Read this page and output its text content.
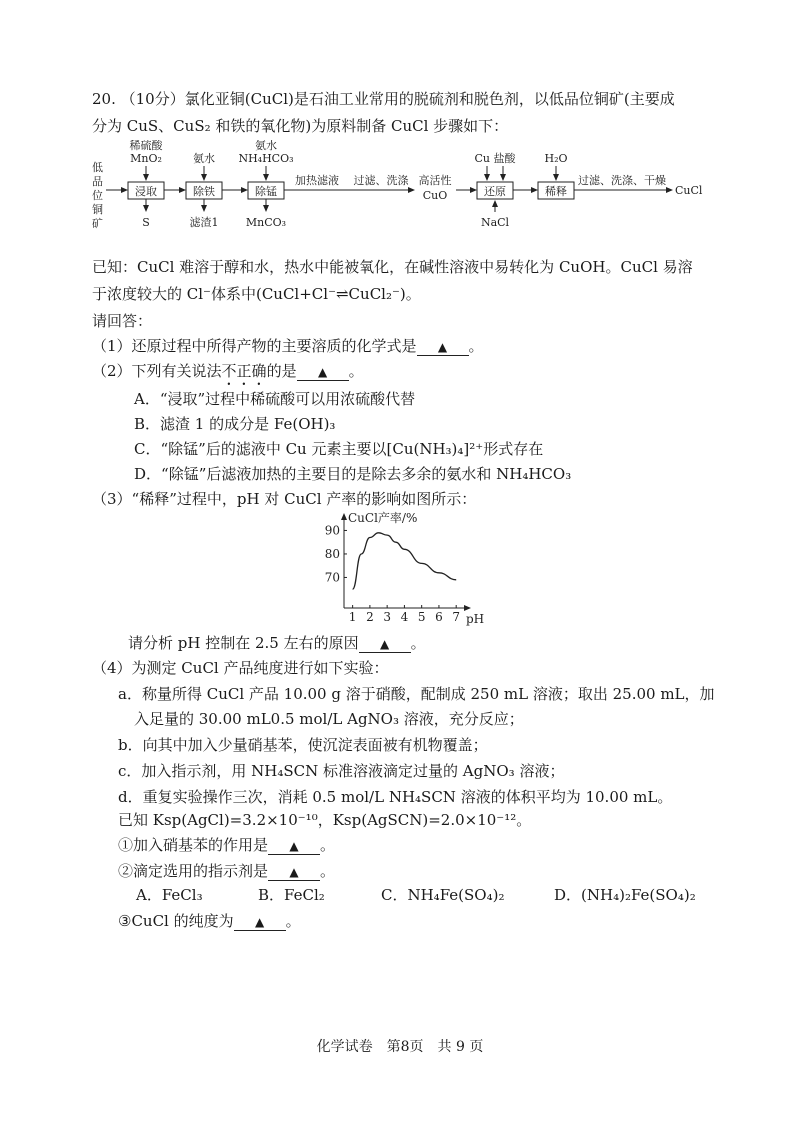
20. （10分）氯化亚铜(CuCl)是石油工业常用的脱硫剂和脱色剂，以低品位铜矿(主要成
分为 CuS、CuS₂ 和铁的氧化物)为原料制备 CuCl 步骤如下：
低
品
位
铜
矿
浸取	除铁	除锰	还原	稀释
稀硫酸
MnO₂	氨水
氨水
NH₄HCO₃	Cu 盐酸	H₂O
S	滤渣1 MnCO₃	NaCl
加热滤液 过滤、洗涤 高活性
CuO
过滤、洗涤、干燥
CuCl
已知：CuCl 难溶于醇和水，热水中能被氧化，在碱性溶液中易转化为 CuOH。CuCl 易溶
于浓度较大的 Cl⁻体系中(CuCl+Cl⁻⇌CuCl₂⁻)。
请回答：
（1）还原过程中所得产物的主要溶质的化学式是 ▲ 。
（2）下列有关说法不正确的是 ▲ 。
A．“浸取”过程中稀硫酸可以用浓硫酸代替
B．滤渣 1 的成分是 Fe(OH)₃
C．“除锰”后的滤液中 Cu 元素主要以[Cu(NH₃)₄]²⁺形式存在
D．“除锰”后滤液加热的主要目的是除去多余的氨水和 NH₄HCO₃
（3）“稀释”过程中，pH 对 CuCl 产率的影响如图所示：
CuCl产率/%
pH
1 2 3 4 5 6 7
70
80
90
请分析 pH 控制在 2.5 左右的原因 ▲ 。
（4）为测定 CuCl 产品纯度进行如下实验：
a．称量所得 CuCl 产品 10.00 g 溶于硝酸，配制成 250 mL 溶液；取出 25.00 mL，加
入足量的 30.00 mL0.5 mol/L AgNO₃ 溶液，充分反应；
b．向其中加入少量硝基苯，使沉淀表面被有机物覆盖；
c．加入指示剂，用 NH₄SCN 标准溶液滴定过量的 AgNO₃ 溶液；
d．重复实验操作三次，消耗 0.5 mol/L NH₄SCN 溶液的体积平均为 10.00 mL。
已知 Ksp(AgCl)=3.2×10⁻¹⁰，Ksp(AgSCN)=2.0×10⁻¹²。
①加入硝基苯的作用是 ▲ 。
②滴定选用的指示剂是 ▲ 。
A．FeCl₃	B．FeCl₂	C．NH₄Fe(SO₄)₂	D．(NH₄)₂Fe(SO₄)₂
③CuCl 的纯度为 ▲ 。
化学试卷　第8页　共 9 页
